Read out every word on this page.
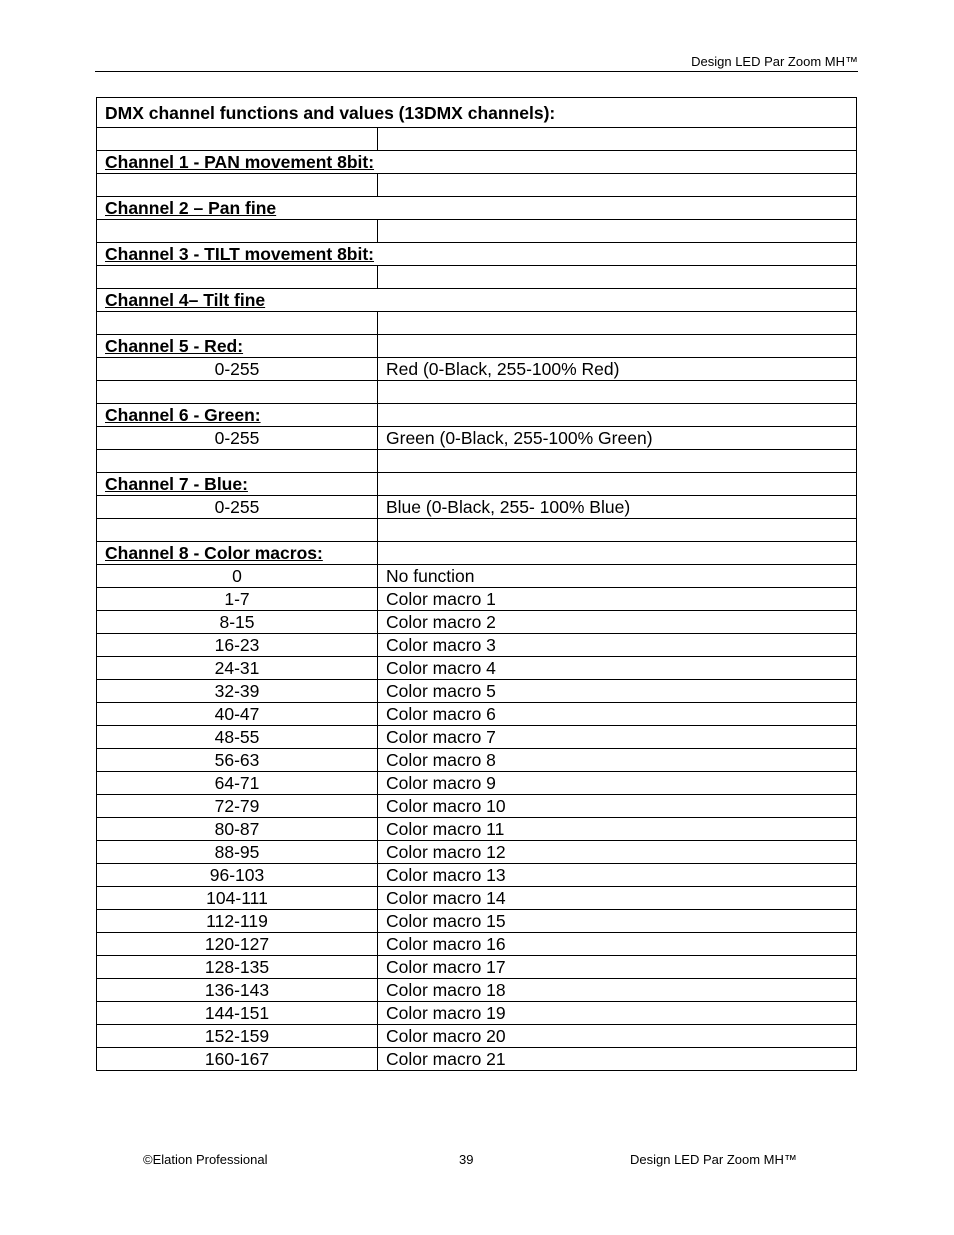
Design LED Par Zoom MH™
DMX channel functions and values (13DMX channels):	

Channel 1 - PAN movement 8bit:	

Channel 2 – Pan fine	

Channel 3 - TILT movement 8bit:	

Channel 4– Tilt fine	

Channel 5 - Red:	
0-255	Red (0-Black, 255-100% Red)

Channel 6 - Green:	
0-255	Green (0-Black, 255-100% Green)

Channel 7 - Blue:	
0-255	Blue (0-Black, 255- 100% Blue)

Channel 8 - Color macros:	
0	No function
1-7	Color macro 1
8-15	Color macro 2
16-23	Color macro 3
24-31	Color macro 4
32-39	Color macro 5
40-47	Color macro 6
48-55	Color macro 7
56-63	Color macro 8
64-71	Color macro 9
72-79	Color macro 10
80-87	Color macro 11
88-95	Color macro 12
96-103	Color macro 13
104-111	Color macro 14
112-119	Color macro 15
120-127	Color macro 16
128-135	Color macro 17
136-143	Color macro 18
144-151	Color macro 19
152-159	Color macro 20
160-167	Color macro 21
©Elation Professional	39	Design LED Par Zoom MH™
